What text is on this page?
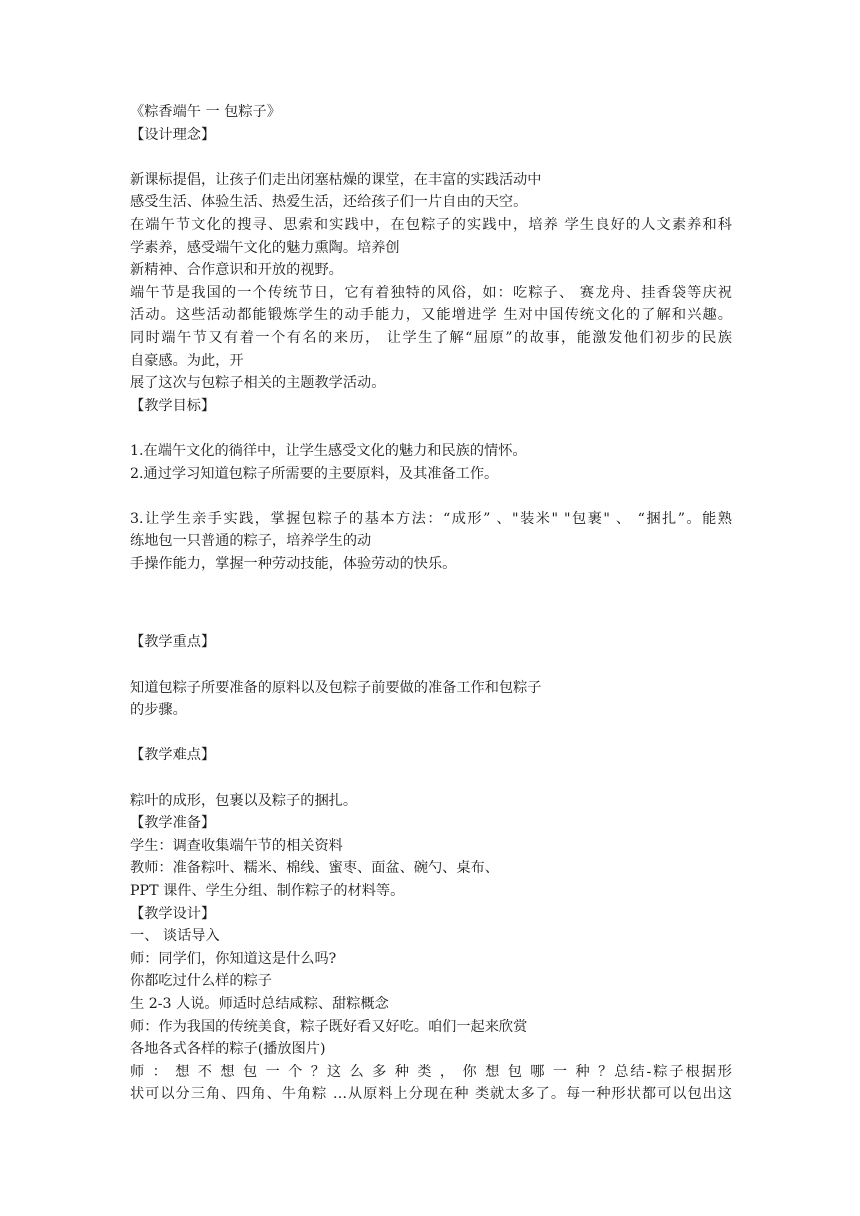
《粽香端午 一 包粽子》
【设计理念】
新课标提倡，让孩子们走出闭塞枯燥的课堂，在丰富的实践活动中
感受生活、体验生活、热爱生活，还给孩子们一片自由的天空。
在端午节文化的搜寻、思索和实践中，在包粽子的实践中，培养 学生良好的人文素养和科
学素养，感受端午文化的魅力熏陶。培养创
新精神、合作意识和开放的视野。
端午节是我国的一个传统节日，它有着独特的风俗，如：吃粽子、 赛龙舟、挂香袋等庆祝
活动。这些活动都能锻炼学生的动手能力，又能增进学 生对中国传统文化的了解和兴趣。
同时端午节又有着一个有名的来历， 让学生了解“屈原”的故事，能激发他们初步的民族
自豪感。为此，开
展了这次与包粽子相关的主题教学活动。
【教学目标】
1.在端午文化的徜徉中，让学生感受文化的魅力和民族的情怀。
2.通过学习知道包粽子所需要的主要原料，及其准备工作。
3.让学生亲手实践，掌握包粽子的基本方法：“成形” 、"装米" "包裹" 、 “捆扎”。能熟
练地包一只普通的粽子，培养学生的动
手操作能力，掌握一种劳动技能，体验劳动的快乐。
【教学重点】
知道包粽子所要准备的原料以及包粽子前要做的准备工作和包粽子
的步骤。
【教学难点】
粽叶的成形，包裹以及粽子的捆扎。
【教学准备】
学生：调查收集端午节的相关资料
教师：准备粽叶、糯米、棉线、蜜枣、面盆、碗勺、桌布、
PPT 课件、学生分组、制作粽子的材料等。
【教学设计】
一、 谈话导入
师：同学们，你知道这是什么吗?
你都吃过什么样的粽子
生 2-3 人说。师适时总结咸粽、甜粽概念
师：作为我国的传统美食，粽子既好看又好吃。咱们一起来欣赏
各地各式各样的粽子(播放图片)
师 ： 想 不 想 包 一 个 ？这 么 多 种 类 ， 你 想 包 哪 一 种 ？总结-粽子根据形
状可以分三角、四角、牛角粽 …从原料上分现在种 类就太多了。每一种形状都可以包出这
